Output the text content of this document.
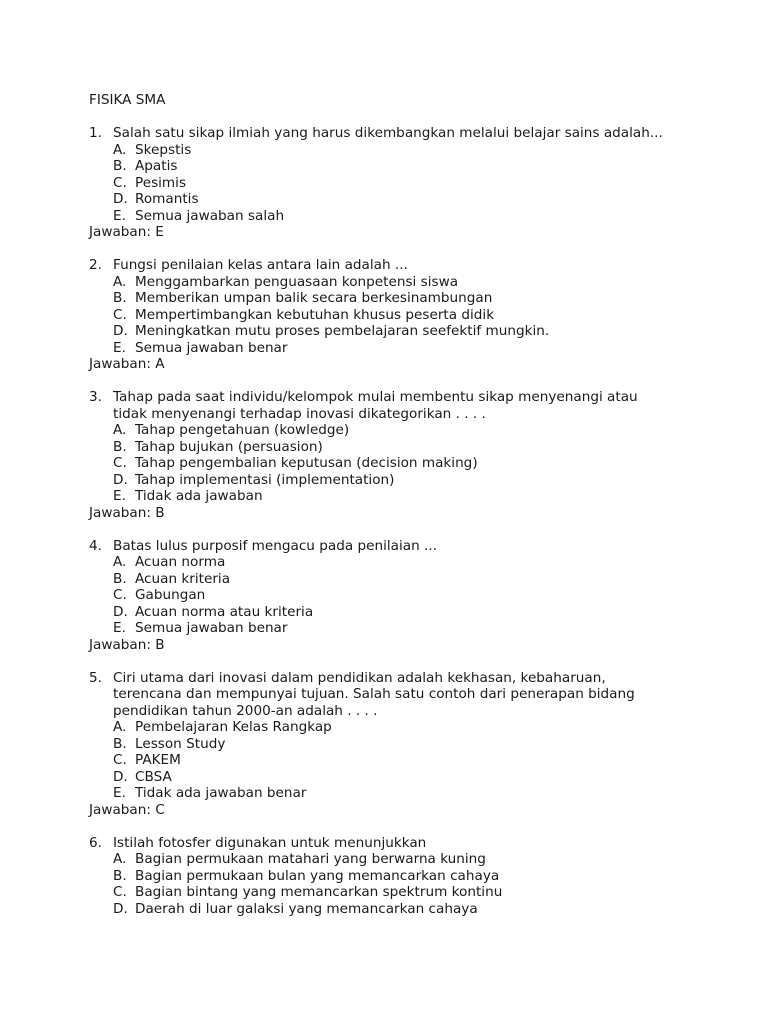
FISIKA SMA
1. Salah satu sikap ilmiah yang harus dikembangkan melalui belajar sains adalah...
A. Skepstis
B. Apatis
C. Pesimis
D. Romantis
E. Semua jawaban salah
Jawaban: E
2. Fungsi penilaian kelas antara lain adalah ...
A. Menggambarkan penguasaan konpetensi siswa
B. Memberikan umpan balik secara berkesinambungan
C. Mempertimbangkan kebutuhan khusus peserta didik
D. Meningkatkan mutu proses pembelajaran seefektif mungkin.
E. Semua jawaban benar
Jawaban: A
3. Tahap pada saat individu/kelompok mulai membentu sikap menyenangi atau
tidak menyenangi terhadap inovasi dikategorikan . . . .
A. Tahap pengetahuan (kowledge)
B. Tahap bujukan (persuasion)
C. Tahap pengembalian keputusan (decision making)
D. Tahap implementasi (implementation)
E. Tidak ada jawaban
Jawaban: B
4. Batas lulus purposif mengacu pada penilaian ...
A. Acuan norma
B. Acuan kriteria
C. Gabungan
D. Acuan norma atau kriteria
E. Semua jawaban benar
Jawaban: B
5. Ciri utama dari inovasi dalam pendidikan adalah kekhasan, kebaharuan,
terencana dan mempunyai tujuan. Salah satu contoh dari penerapan bidang
pendidikan tahun 2000-an adalah . . . .
A. Pembelajaran Kelas Rangkap
B. Lesson Study
C. PAKEM
D. CBSA
E. Tidak ada jawaban benar
Jawaban: C
6. Istilah fotosfer digunakan untuk menunjukkan
A. Bagian permukaan matahari yang berwarna kuning
B. Bagian permukaan bulan yang memancarkan cahaya
C. Bagian bintang yang memancarkan spektrum kontinu
D. Daerah di luar galaksi yang memancarkan cahaya
